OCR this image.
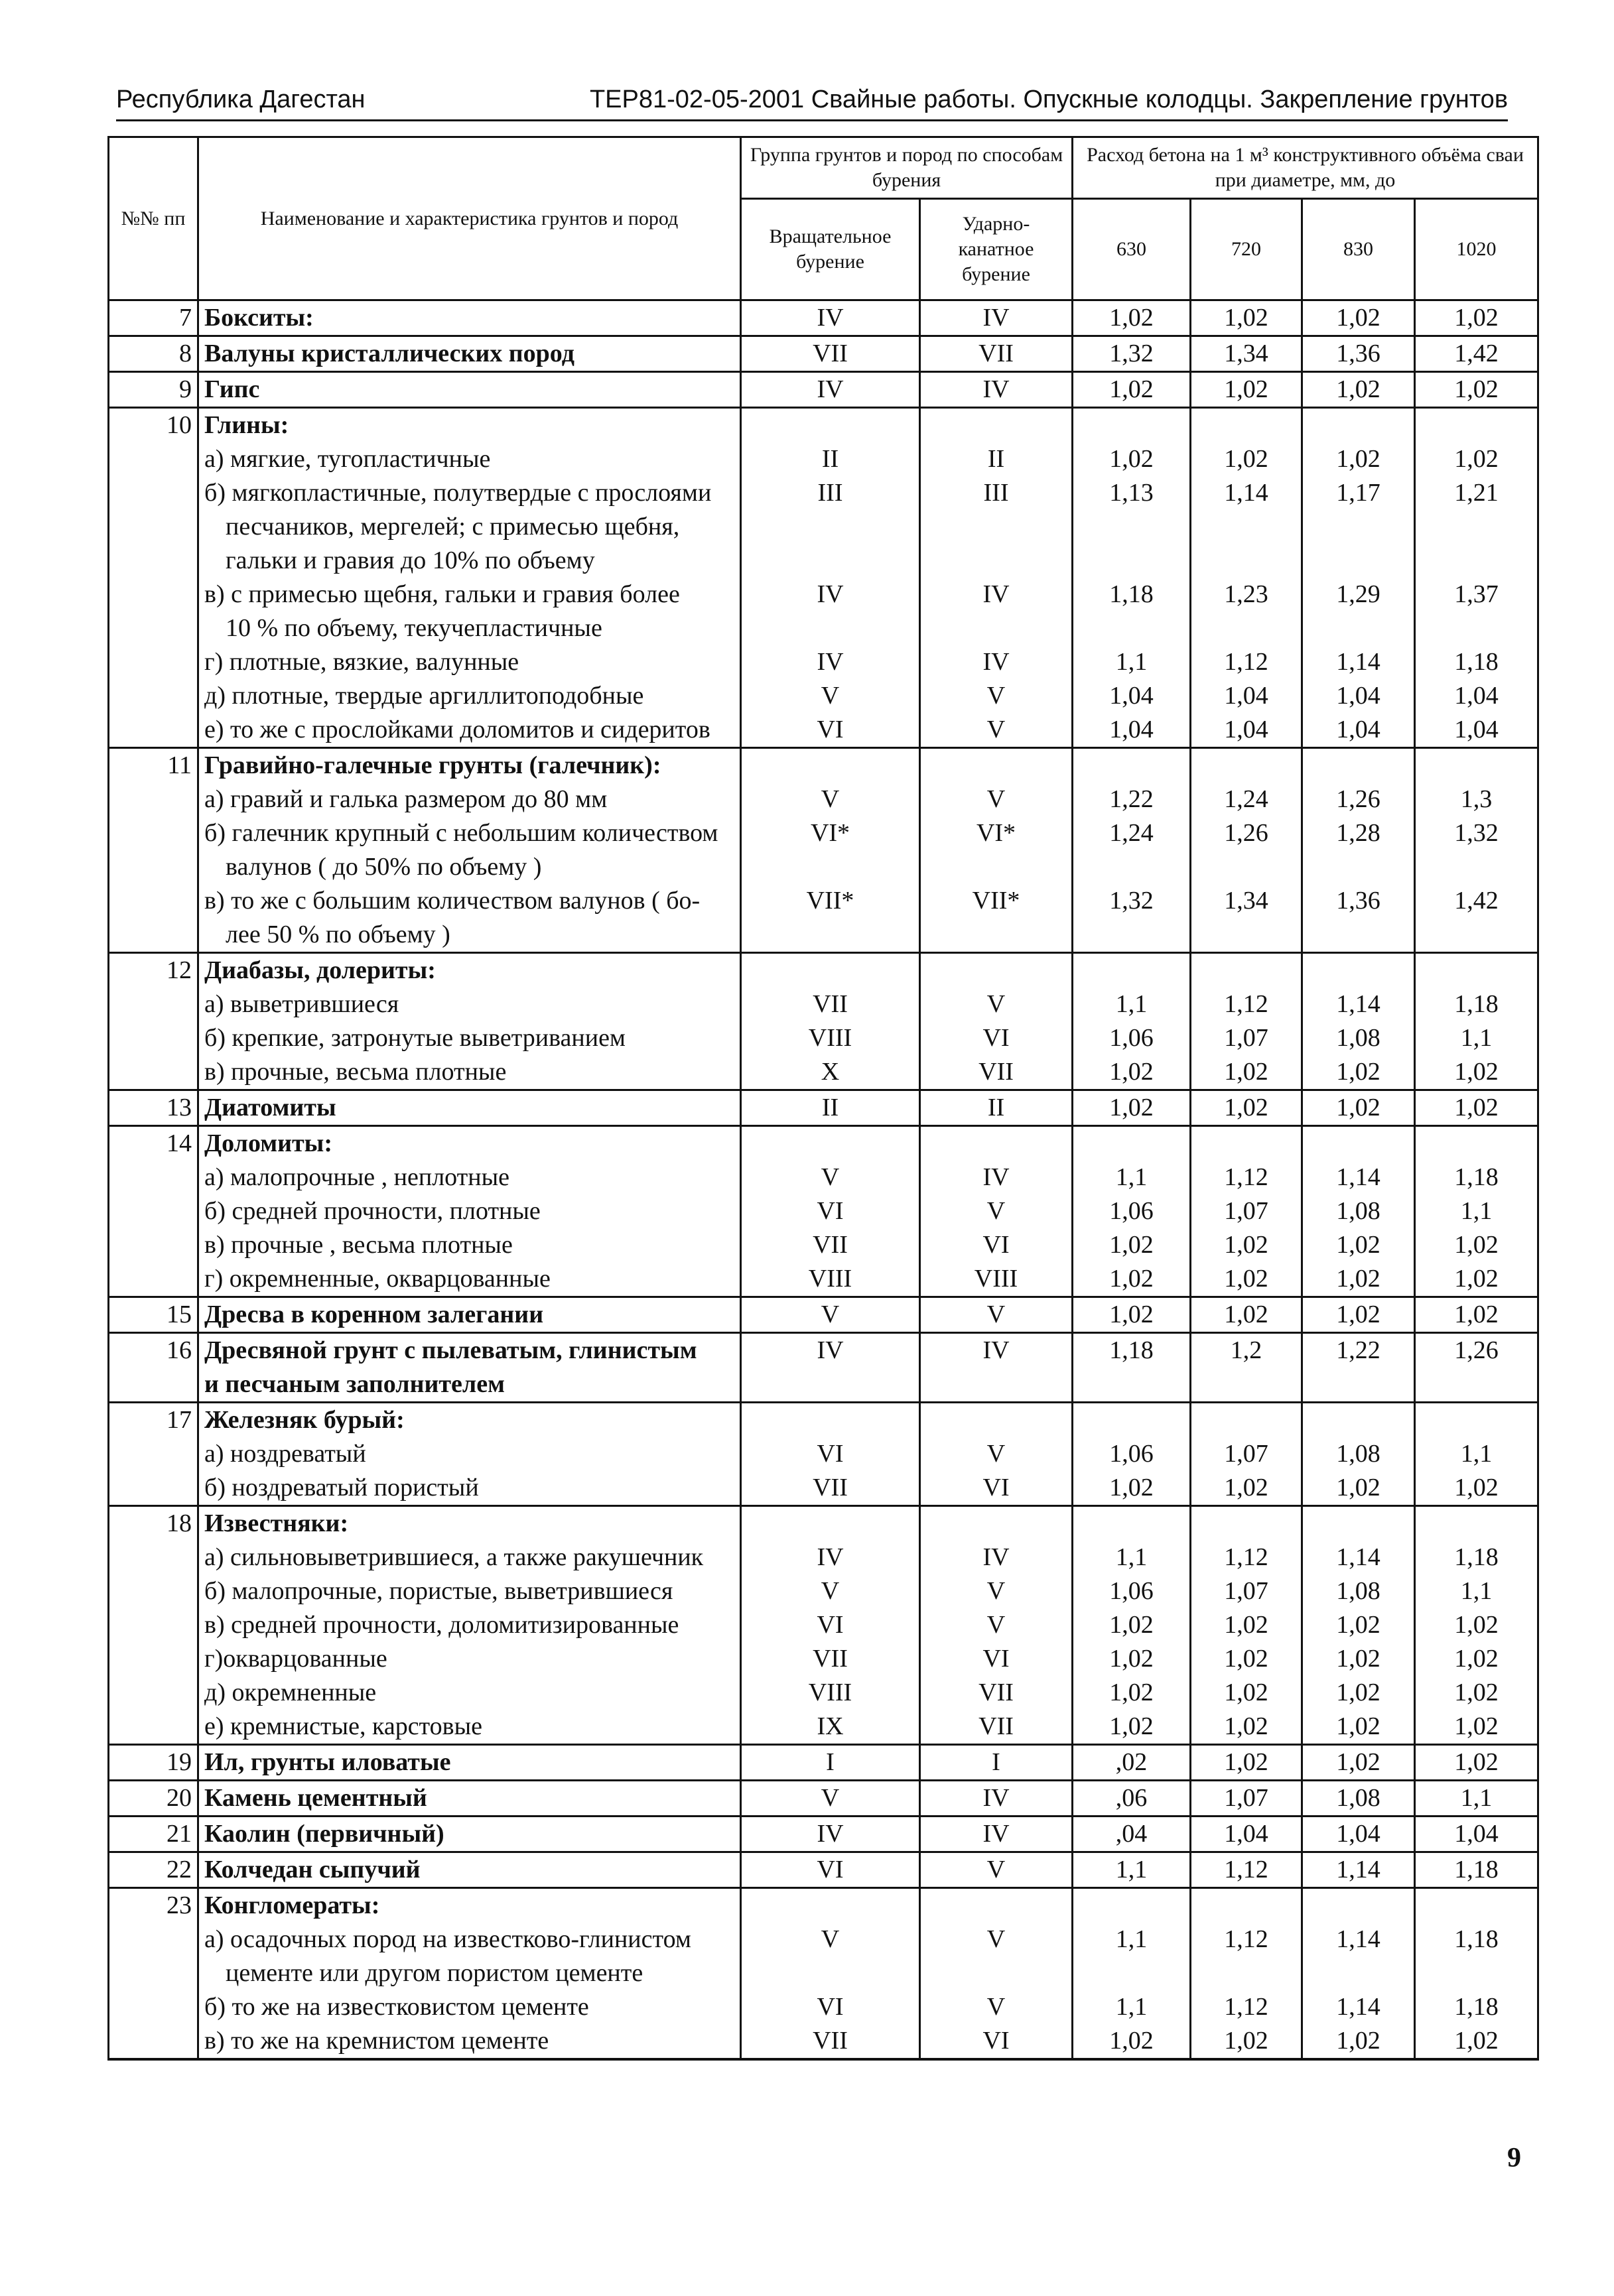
Республика Дагестан	ТЕР81-02-05-2001 Свайные работы. Опускные колодцы. Закрепление грунтов
№№ пп	Наименование и характеристика грунтов и пород	Группа грунтов и пород по способам бурения		Расход бетона на 1 м³ конструктивного объёма сваи при диаметре, мм, до			
		Вращательное бурение	Ударно-канатное бурение	630	720	830	1020
7	Бокситы:	IV	IV	1,02	1,02	1,02	1,02
8	Валуны кристаллических пород	VII	VII	1,32	1,34	1,36	1,42
9	Гипс	IV	IV	1,02	1,02	1,02	1,02
10	Глины:						
	а) мягкие, тугопластичные	II	II	1,02	1,02	1,02	1,02
	б) мягкопластичные, полутвердые с прослоями	III	III	1,13	1,14	1,17	1,21
	песчаников, мергелей; с примесью щебня,						
	гальки и гравия до 10% по объему						
	в) с примесью щебня, гальки и гравия более	IV	IV	1,18	1,23	1,29	1,37
	10 % по объему, текучепластичные						
	г) плотные, вязкие, валунные	IV	IV	1,1	1,12	1,14	1,18
	д) плотные, твердые аргиллитоподобные	V	V	1,04	1,04	1,04	1,04
	е) то же с прослойками доломитов и сидеритов	VI	V	1,04	1,04	1,04	1,04
11	Гравийно-галечные грунты (галечник):						
	а) гравий и галька размером до 80 мм	V	V	1,22	1,24	1,26	1,3
	б) галечник крупный с небольшим количеством	VI*	VI*	1,24	1,26	1,28	1,32
	валунов ( до 50% по объему )						
	в) то же с большим количеством валунов ( бо-	VII*	VII*	1,32	1,34	1,36	1,42
	лее 50 % по объему )						
12	Диабазы, долериты:						
	а) выветрившиеся	VII	V	1,1	1,12	1,14	1,18
	б) крепкие, затронутые выветриванием	VIII	VI	1,06	1,07	1,08	1,1
	в) прочные, весьма плотные	X	VII	1,02	1,02	1,02	1,02
13	Диатомиты	II	II	1,02	1,02	1,02	1,02
14	Доломиты:						
	а) малопрочные , неплотные	V	IV	1,1	1,12	1,14	1,18
	б) средней прочности, плотные	VI	V	1,06	1,07	1,08	1,1
	в) прочные , весьма плотные	VII	VI	1,02	1,02	1,02	1,02
	г) окремненные, окварцованные	VIII	VIII	1,02	1,02	1,02	1,02
15	Дресва в коренном залегании	V	V	1,02	1,02	1,02	1,02
16	Дресвяной грунт с пылеватым, глинистым	IV	IV	1,18	1,2	1,22	1,26
	и песчаным заполнителем						
17	Железняк бурый:						
	а) ноздреватый	VI	V	1,06	1,07	1,08	1,1
	б) ноздреватый пористый	VII	VI	1,02	1,02	1,02	1,02
18	Известняки:						
	а) сильновыветрившиеся, а также ракушечник	IV	IV	1,1	1,12	1,14	1,18
	б) малопрочные, пористые, выветрившиеся	V	V	1,06	1,07	1,08	1,1
	в) средней прочности, доломитизированные	VI	V	1,02	1,02	1,02	1,02
	г)окварцованные	VII	VI	1,02	1,02	1,02	1,02
	д) окремненные	VIII	VII	1,02	1,02	1,02	1,02
	е) кремнистые, карстовые	IX	VII	1,02	1,02	1,02	1,02
19	Ил, грунты иловатые	I	I	,02	1,02	1,02	1,02
20	Камень цементный	V	IV	,06	1,07	1,08	1,1
21	Каолин (первичный)	IV	IV	,04	1,04	1,04	1,04
22	Колчедан сыпучий	VI	V	1,1	1,12	1,14	1,18
23	Конгломераты:						
	а) осадочных пород на известково-глинистом	V	V	1,1	1,12	1,14	1,18
	цементе или другом пористом цементе						
	б) то же на известковистом цементе	VI	V	1,1	1,12	1,14	1,18
	в) то же на кремнистом цементе	VII	VI	1,02	1,02	1,02	1,02
9
